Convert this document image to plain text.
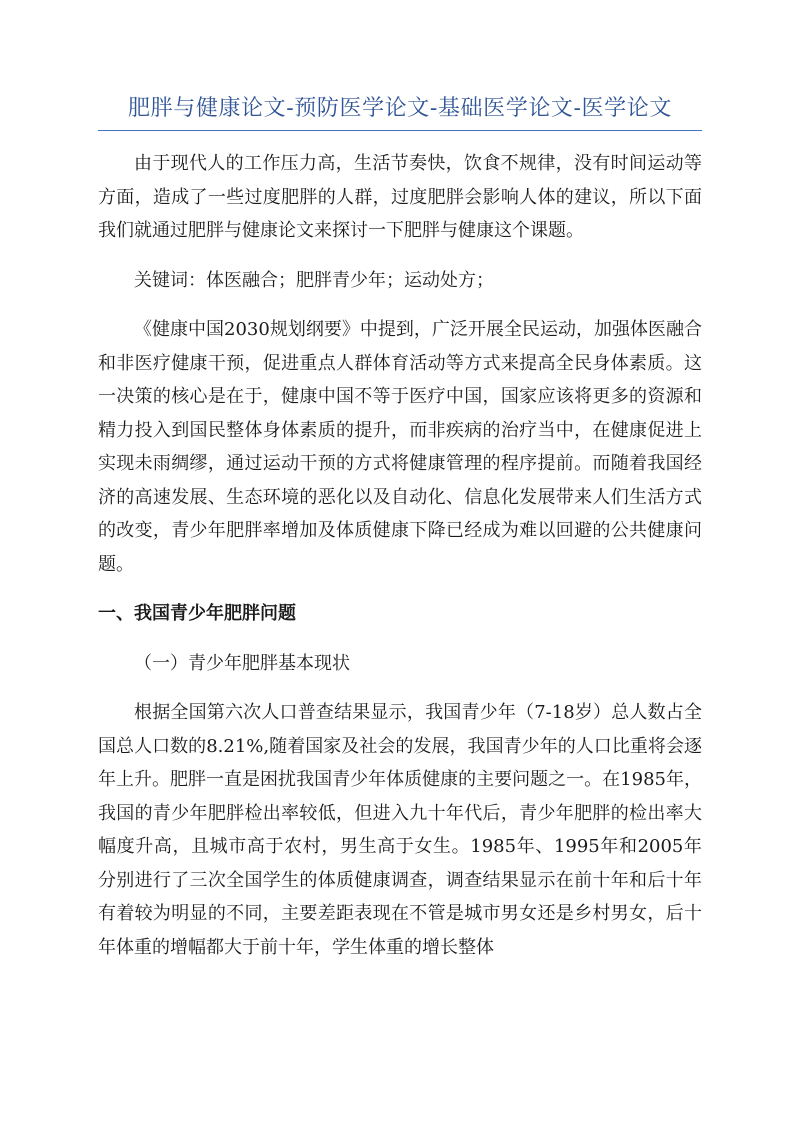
肥胖与健康论文-预防医学论文-基础医学论文-医学论文

由于现代人的工作压力高，生活节奏快，饮食不规律，没有时间运动等方面，造成了一些过度肥胖的人群，过度肥胖会影响人体的建议，所以下面我们就通过肥胖与健康论文来探讨一下肥胖与健康这个课题。

关键词：体医融合；肥胖青少年；运动处方；

《健康中国2030规划纲要》中提到，广泛开展全民运动，加强体医融合和非医疗健康干预，促进重点人群体育活动等方式来提高全民身体素质。这一决策的核心是在于，健康中国不等于医疗中国，国家应该将更多的资源和精力投入到国民整体身体素质的提升，而非疾病的治疗当中，在健康促进上实现未雨绸缪，通过运动干预的方式将健康管理的程序提前。而随着我国经济的高速发展、生态环境的恶化以及自动化、信息化发展带来人们生活方式的改变，青少年肥胖率增加及体质健康下降已经成为难以回避的公共健康问题。

一、我国青少年肥胖问题
（一）青少年肥胖基本现状

根据全国第六次人口普查结果显示，我国青少年（7-18岁）总人数占全国总人口数的8.21%,随着国家及社会的发展，我国青少年的人口比重将会逐年上升。肥胖一直是困扰我国青少年体质健康的主要问题之一。在1985年，我国的青少年肥胖检出率较低，但进入九十年代后，青少年肥胖的检出率大幅度升高，且城市高于农村，男生高于女生。1985年、1995年和2005年分别进行了三次全国学生的体质健康调查，调查结果显示在前十年和后十年有着较为明显的不同，主要差距表现在不管是城市男女还是乡村男女，后十年体重的增幅都大于前十年，学生体重的增长整体
